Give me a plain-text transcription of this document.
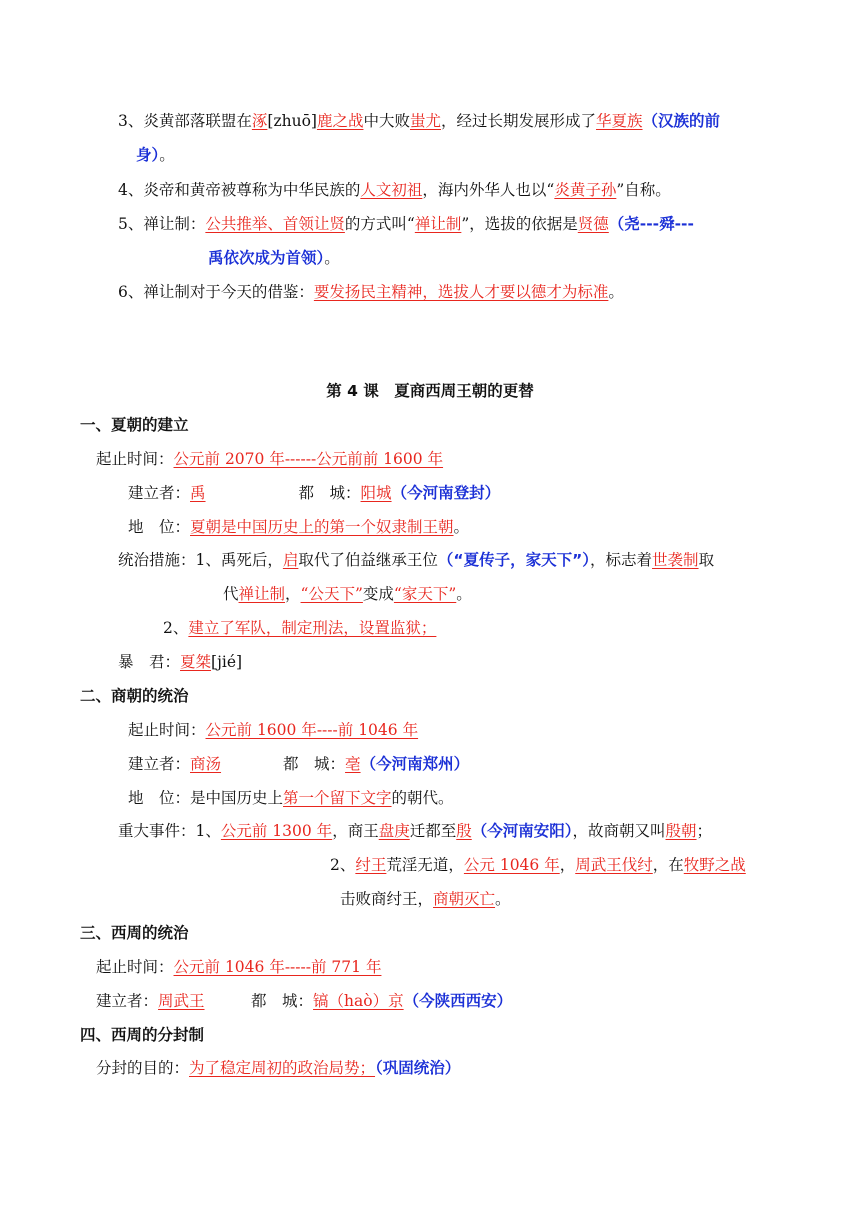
3、炎黄部落联盟在涿[zhuō]鹿之战中大败蚩尤，经过长期发展形成了华夏族（汉族的前
身）。
4、炎帝和黄帝被尊称为中华民族的人文初祖，海内外华人也以“炎黄子孙”自称。
5、禅让制：公共推举、首领让贤的方式叫“禅让制”，选拔的依据是贤德（尧---舜---
禹依次成为首领）。
6、禅让制对于今天的借鉴：要发扬民主精神，选拔人才要以德才为标准。
第 4 课　夏商西周王朝的更替
一、夏朝的建立
起止时间：公元前 2070 年------公元前前 1600 年
建立者：禹　　　　　　都　城：阳城（今河南登封）
地　位：夏朝是中国历史上的第一个奴隶制王朝。
统治措施：1、禹死后，启取代了伯益继承王位（“夏传子，家天下”），标志着世袭制取
代禅让制，“公天下”变成“家天下”。
2、建立了军队，制定刑法，设置监狱；
暴　君：夏桀[jié]
二、商朝的统治
起止时间：公元前 1600 年----前 1046 年
建立者：商汤　　　　都　城：亳（今河南郑州）
地　位：是中国历史上第一个留下文字的朝代。
重大事件：1、公元前 1300 年，商王盘庚迁都至殷（今河南安阳），故商朝又叫殷朝；
2、纣王荒淫无道，公元 1046 年，周武王伐纣，在牧野之战
击败商纣王，商朝灭亡。
三、西周的统治
起止时间：公元前 1046 年-----前 771 年
建立者：周武王　　　都　城：镐（haò）京（今陕西西安）
四、西周的分封制
分封的目的：为了稳定周初的政治局势；（巩固统治）
